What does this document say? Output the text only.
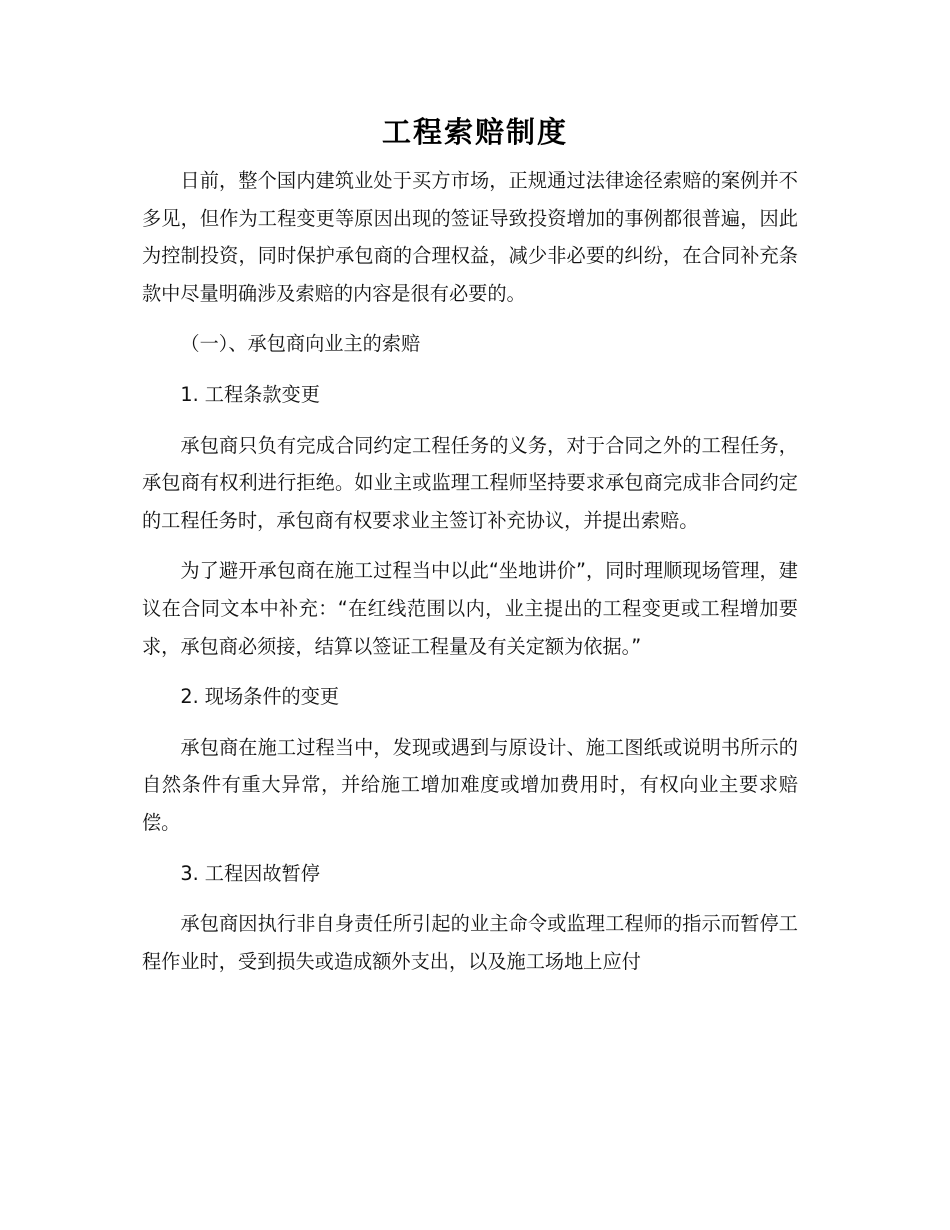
工程索赔制度

日前，整个国内建筑业处于买方市场，正规通过法律途径索赔的案例并不多见，但作为工程变更等原因出现的签证导致投资增加的事例都很普遍，因此为控制投资，同时保护承包商的合理权益，减少非必要的纠纷，在合同补充条款中尽量明确涉及索赔的内容是很有必要的。

（一）、承包商向业主的索赔

1. 工程条款变更

承包商只负有完成合同约定工程任务的义务，对于合同之外的工程任务，承包商有权利进行拒绝。如业主或监理工程师坚持要求承包商完成非合同约定的工程任务时，承包商有权要求业主签订补充协议，并提出索赔。

为了避开承包商在施工过程当中以此“坐地讲价”，同时理顺现场管理，建议在合同文本中补充：“在红线范围以内，业主提出的工程变更或工程增加要求，承包商必须接，结算以签证工程量及有关定额为依据。”

2. 现场条件的变更

承包商在施工过程当中，发现或遇到与原设计、施工图纸或说明书所示的自然条件有重大异常，并给施工增加难度或增加费用时，有权向业主要求赔偿。

3. 工程因故暂停

承包商因执行非自身责任所引起的业主命令或监理工程师的指示而暂停工程作业时，受到损失或造成额外支出，以及施工场地上应付
